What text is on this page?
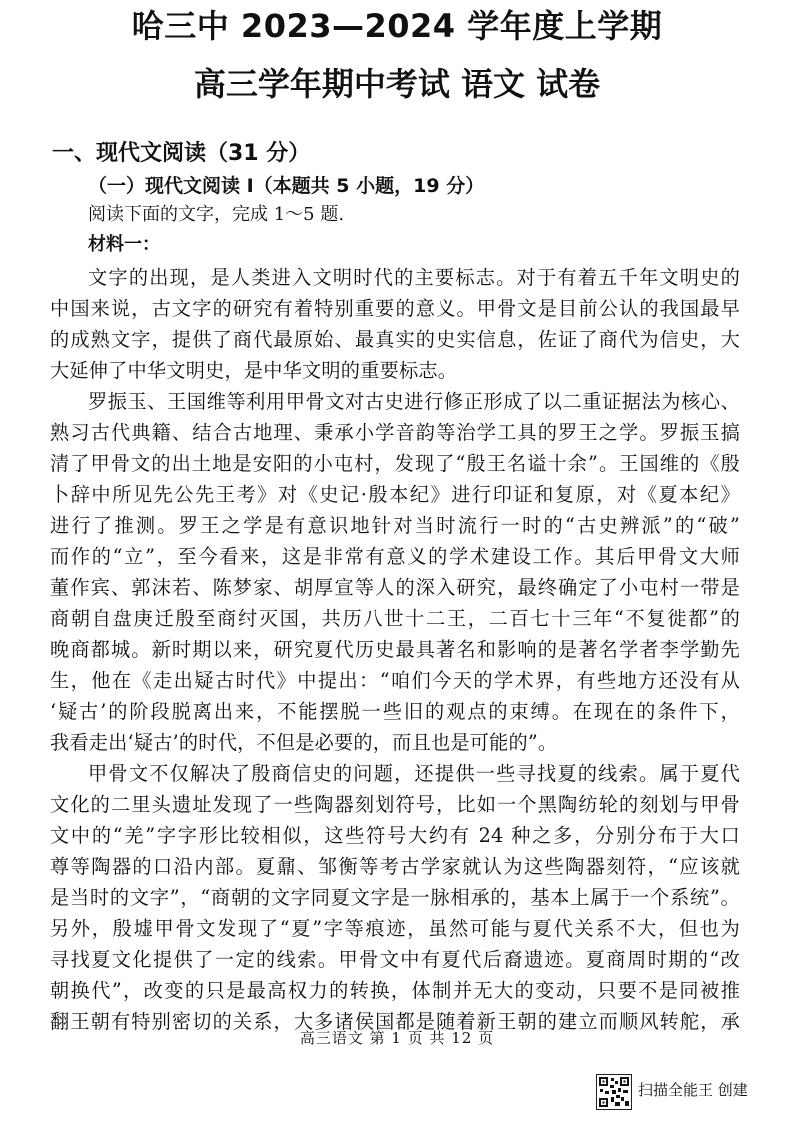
哈三中 2023—2024 学年度上学期
高三学年期中考试 语文 试卷
一、现代文阅读（31 分）
（一）现代文阅读 I（本题共 5 小题，19 分）
阅读下面的文字，完成 1～5 题.
材料一：
文字的出现，是人类进入文明时代的主要标志。对于有着五千年文明史的
中国来说，古文字的研究有着特别重要的意义。甲骨文是目前公认的我国最早
的成熟文字，提供了商代最原始、最真实的史实信息，佐证了商代为信史，大
大延伸了中华文明史，是中华文明的重要标志。
罗振玉、王国维等利用甲骨文对古史进行修正形成了以二重证据法为核心、
熟习古代典籍、结合古地理、秉承小学音韵等治学工具的罗王之学。罗振玉搞
清了甲骨文的出土地是安阳的小屯村，发现了“殷王名谥十余”。王国维的《殷
卜辞中所见先公先王考》对《史记·殷本纪》进行印证和复原，对《夏本纪》
进行了推测。罗王之学是有意识地针对当时流行一时的“古史辨派”的“破”
而作的“立”，至今看来，这是非常有意义的学术建设工作。其后甲骨文大师
董作宾、郭沫若、陈梦家、胡厚宣等人的深入研究，最终确定了小屯村一带是
商朝自盘庚迁殷至商纣灭国，共历八世十二王，二百七十三年“不复徙都”的
晚商都城。新时期以来，研究夏代历史最具著名和影响的是著名学者李学勤先
生，他在《走出疑古时代》中提出：“咱们今天的学术界，有些地方还没有从
‘疑古’的阶段脱离出来，不能摆脱一些旧的观点的束缚。在现在的条件下，
我看走出‘疑古’的时代，不但是必要的，而且也是可能的”。
甲骨文不仅解决了殷商信史的问题，还提供一些寻找夏的线索。属于夏代
文化的二里头遗址发现了一些陶器刻划符号，比如一个黑陶纺轮的刻划与甲骨
文中的“羌”字字形比较相似，这些符号大约有 24 种之多，分别分布于大口
尊等陶器的口沿内部。夏鼐、邹衡等考古学家就认为这些陶器刻符，“应该就
是当时的文字”，“商朝的文字同夏文字是一脉相承的，基本上属于一个系统”。
另外，殷墟甲骨文发现了“夏”字等痕迹，虽然可能与夏代关系不大，但也为
寻找夏文化提供了一定的线索。甲骨文中有夏代后裔遗迹。夏商周时期的“改
朝换代”，改变的只是最高权力的转换，体制并无大的变动，只要不是同被推
翻王朝有特别密切的关系，大多诸侯国都是随着新王朝的建立而顺风转舵，承
高三语文 第 1 页 共 12 页
扫描全能王 创建
